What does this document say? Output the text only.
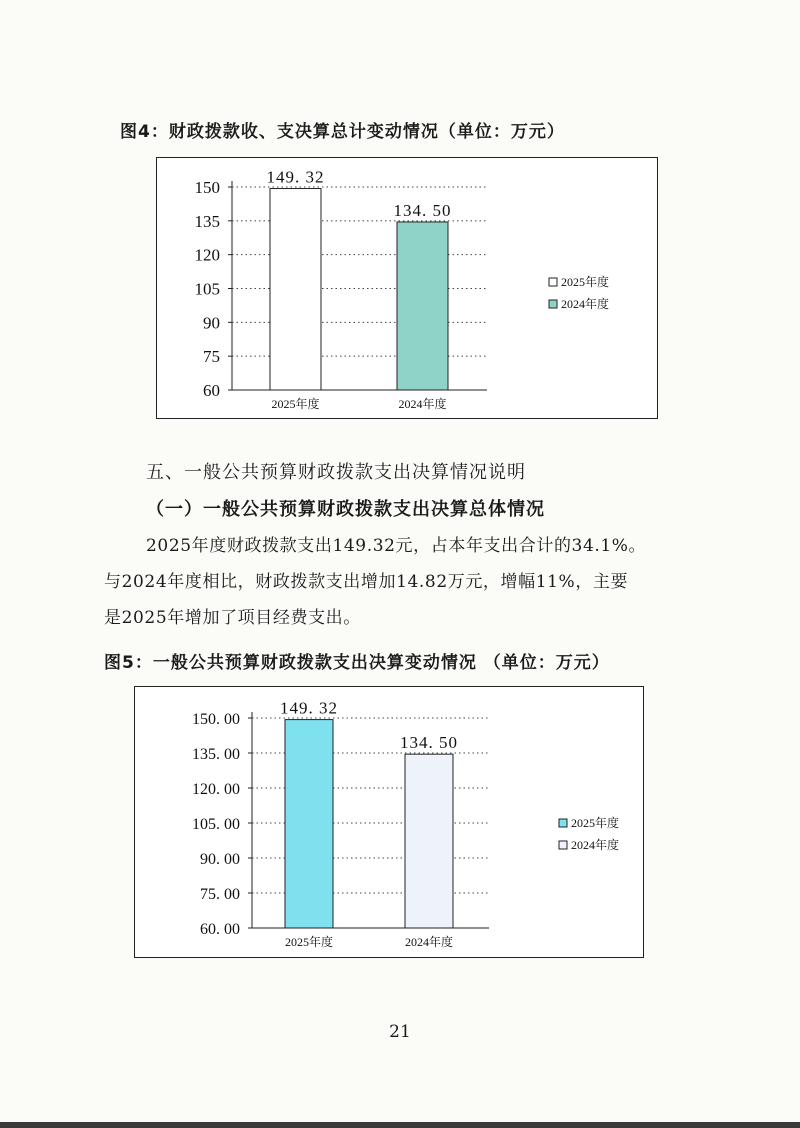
图4：财政拨款收、支决算总计变动情况（单位：万元）
150
135
120
105
90
75
60
149. 32
2025年度
134. 50
2024年度
2025年度
2024年度
五、一般公共预算财政拨款支出决算情况说明
（一）一般公共预算财政拨款支出决算总体情况
2025年度财政拨款支出149.32元，占本年支出合计的34.1%。
与2024年度相比，财政拨款支出增加14.82万元，增幅11%，主要
是2025年增加了项目经费支出。
图5：一般公共预算财政拨款支出决算变动情况 （单位：万元）
150. 00
135. 00
120. 00
105. 00
90. 00
75. 00
60. 00
149. 32
2025年度
134. 50
2024年度
2025年度
2024年度
21
